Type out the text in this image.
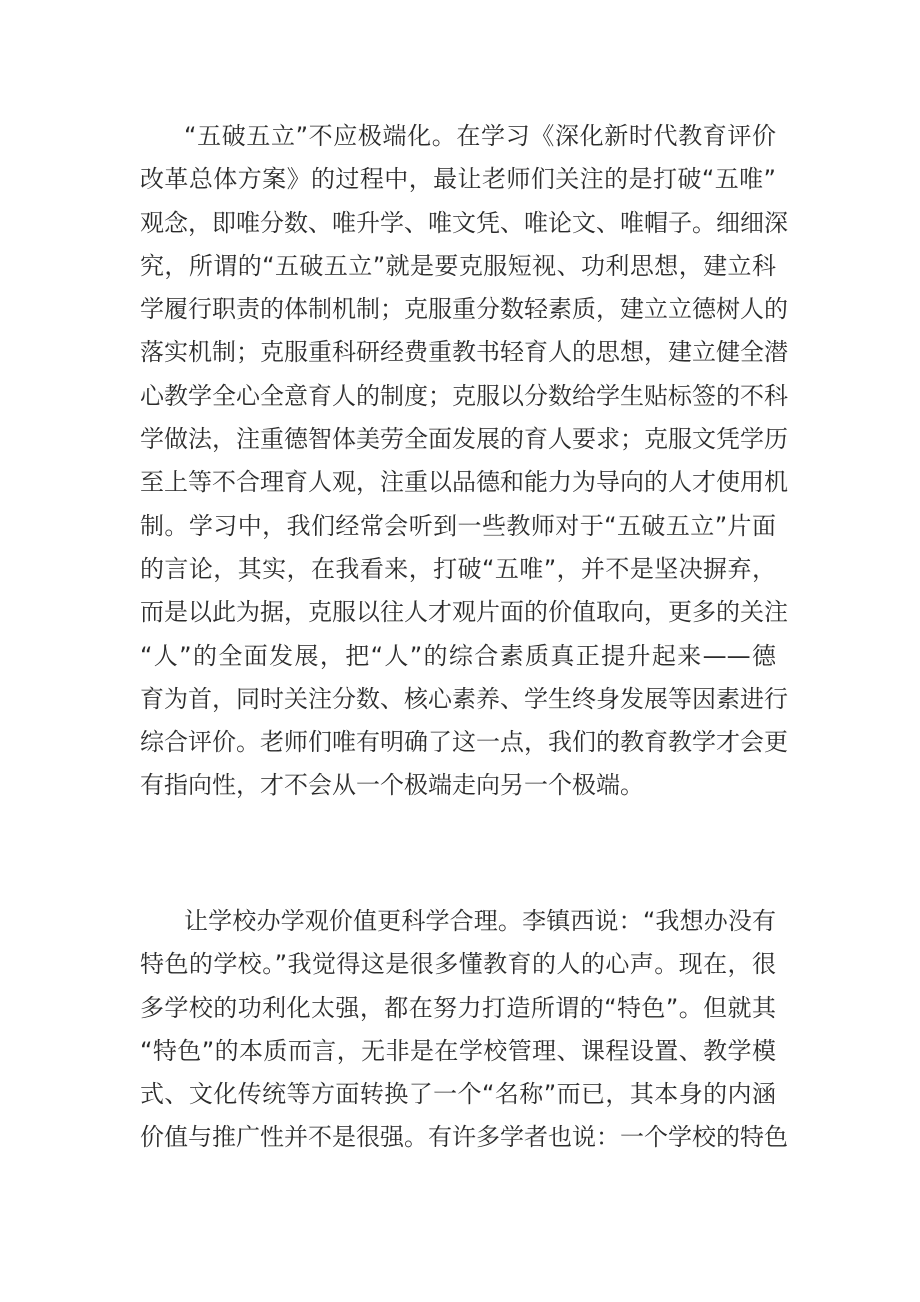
“五破五立”不应极端化。在学习《深化新时代教育评价
改革总体方案》的过程中，最让老师们关注的是打破“五唯”
观念，即唯分数、唯升学、唯文凭、唯论文、唯帽子。细细深
究，所谓的“五破五立”就是要克服短视、功利思想，建立科
学履行职责的体制机制；克服重分数轻素质，建立立德树人的
落实机制；克服重科研经费重教书轻育人的思想，建立健全潜
心教学全心全意育人的制度；克服以分数给学生贴标签的不科
学做法，注重德智体美劳全面发展的育人要求；克服文凭学历
至上等不合理育人观，注重以品德和能力为导向的人才使用机
制。学习中，我们经常会听到一些教师对于“五破五立”片面
的言论，其实，在我看来，打破“五唯”，并不是坚决摒弃，
而是以此为据，克服以往人才观片面的价值取向，更多的关注
“人”的全面发展，把“人”的综合素质真正提升起来——德
育为首，同时关注分数、核心素养、学生终身发展等因素进行
综合评价。老师们唯有明确了这一点，我们的教育教学才会更
有指向性，才不会从一个极端走向另一个极端。
让学校办学观价值更科学合理。李镇西说：“我想办没有
特色的学校。”我觉得这是很多懂教育的人的心声。现在，很
多学校的功利化太强，都在努力打造所谓的“特色”。但就其
“特色”的本质而言，无非是在学校管理、课程设置、教学模
式、文化传统等方面转换了一个“名称”而已，其本身的内涵
价值与推广性并不是很强。有许多学者也说：一个学校的特色
